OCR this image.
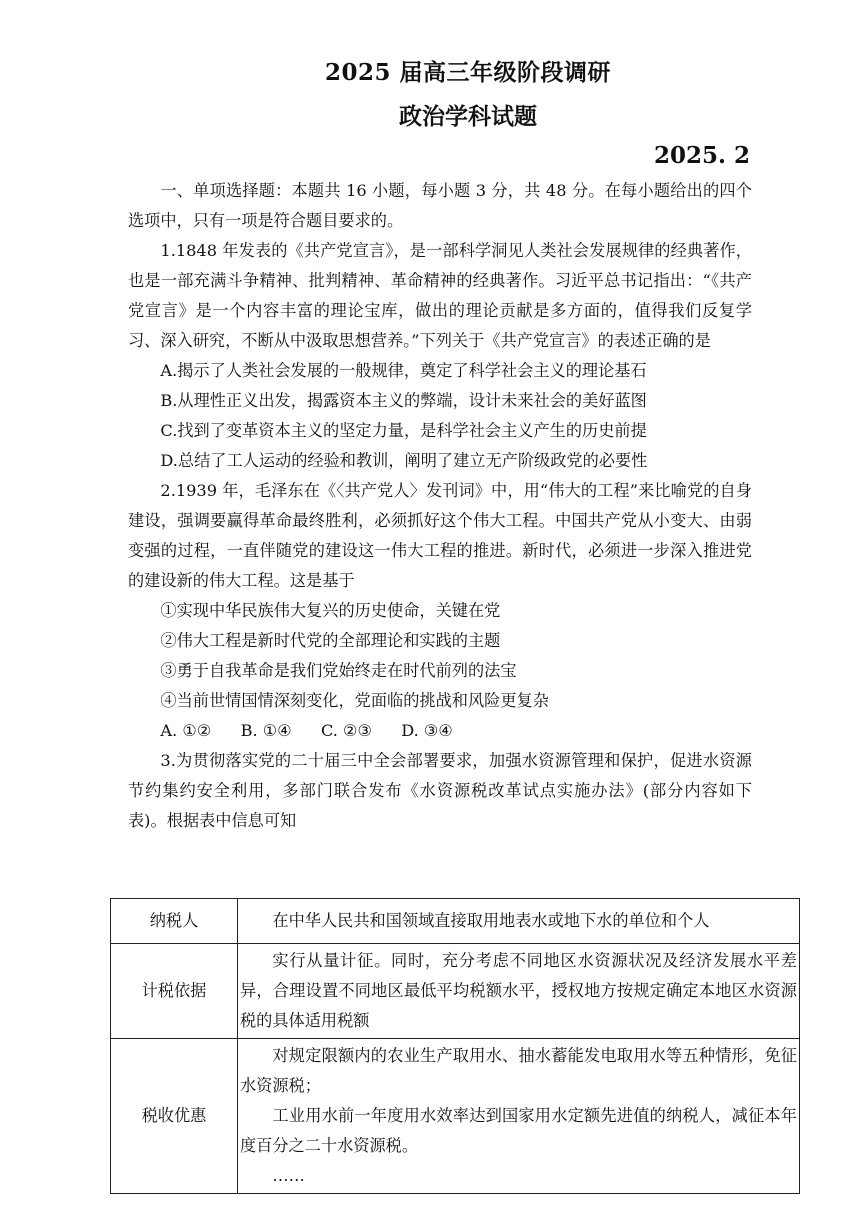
2025 届高三年级阶段调研
政治学科试题
2025. 2

一、单项选择题：本题共 16 小题，每小题 3 分，共 48 分。在每小题给出的四个选项中，只有一项是符合题目要求的。

1.1848 年发表的《共产党宣言》，是一部科学洞见人类社会发展规律的经典著作，也是一部充满斗争精神、批判精神、革命精神的经典著作。习近平总书记指出：“《共产党宣言》是一个内容丰富的理论宝库，做出的理论贡献是多方面的，值得我们反复学习、深入研究，不断从中汲取思想营养。”下列关于《共产党宣言》的表述正确的是

A.揭示了人类社会发展的一般规律，奠定了科学社会主义的理论基石

B.从理性正义出发，揭露资本主义的弊端，设计未来社会的美好蓝图

C.找到了变革资本主义的坚定力量，是科学社会主义产生的历史前提

D.总结了工人运动的经验和教训，阐明了建立无产阶级政党的必要性

2.1939 年，毛泽东在《〈共产党人〉发刊词》中，用“伟大的工程”来比喻党的自身建设，强调要赢得革命最终胜利，必须抓好这个伟大工程。中国共产党从小变大、由弱变强的过程，一直伴随党的建设这一伟大工程的推进。新时代，必须进一步深入推进党的建设新的伟大工程。这是基于

①实现中华民族伟大复兴的历史使命，关键在党

②伟大工程是新时代党的全部理论和实践的主题

③勇于自我革命是我们党始终走在时代前列的法宝

④当前世情国情深刻变化，党面临的挑战和风险更复杂

A. ①② B. ①④ C. ②③ D. ③④

3.为贯彻落实党的二十届三中全会部署要求，加强水资源管理和保护，促进水资源节约集约安全利用，多部门联合发布《水资源税改革试点实施办法》(部分内容如下表)。根据表中信息可知

纳税人	在中华人民共和国领域直接取用地表水或地下水的单位和个人

计税依据	实行从量计征。同时，充分考虑不同地区水资源状况及经济发展水平差异，合理设置不同地区最低平均税额水平，授权地方按规定确定本地区水资源税的具体适用税额

税收优惠	对规定限额内的农业生产取用水、抽水蓄能发电取用水等五种情形，免征水资源税；

工业用水前一年度用水效率达到国家用水定额先进值的纳税人，减征本年度百分之二十水资源税。

……
